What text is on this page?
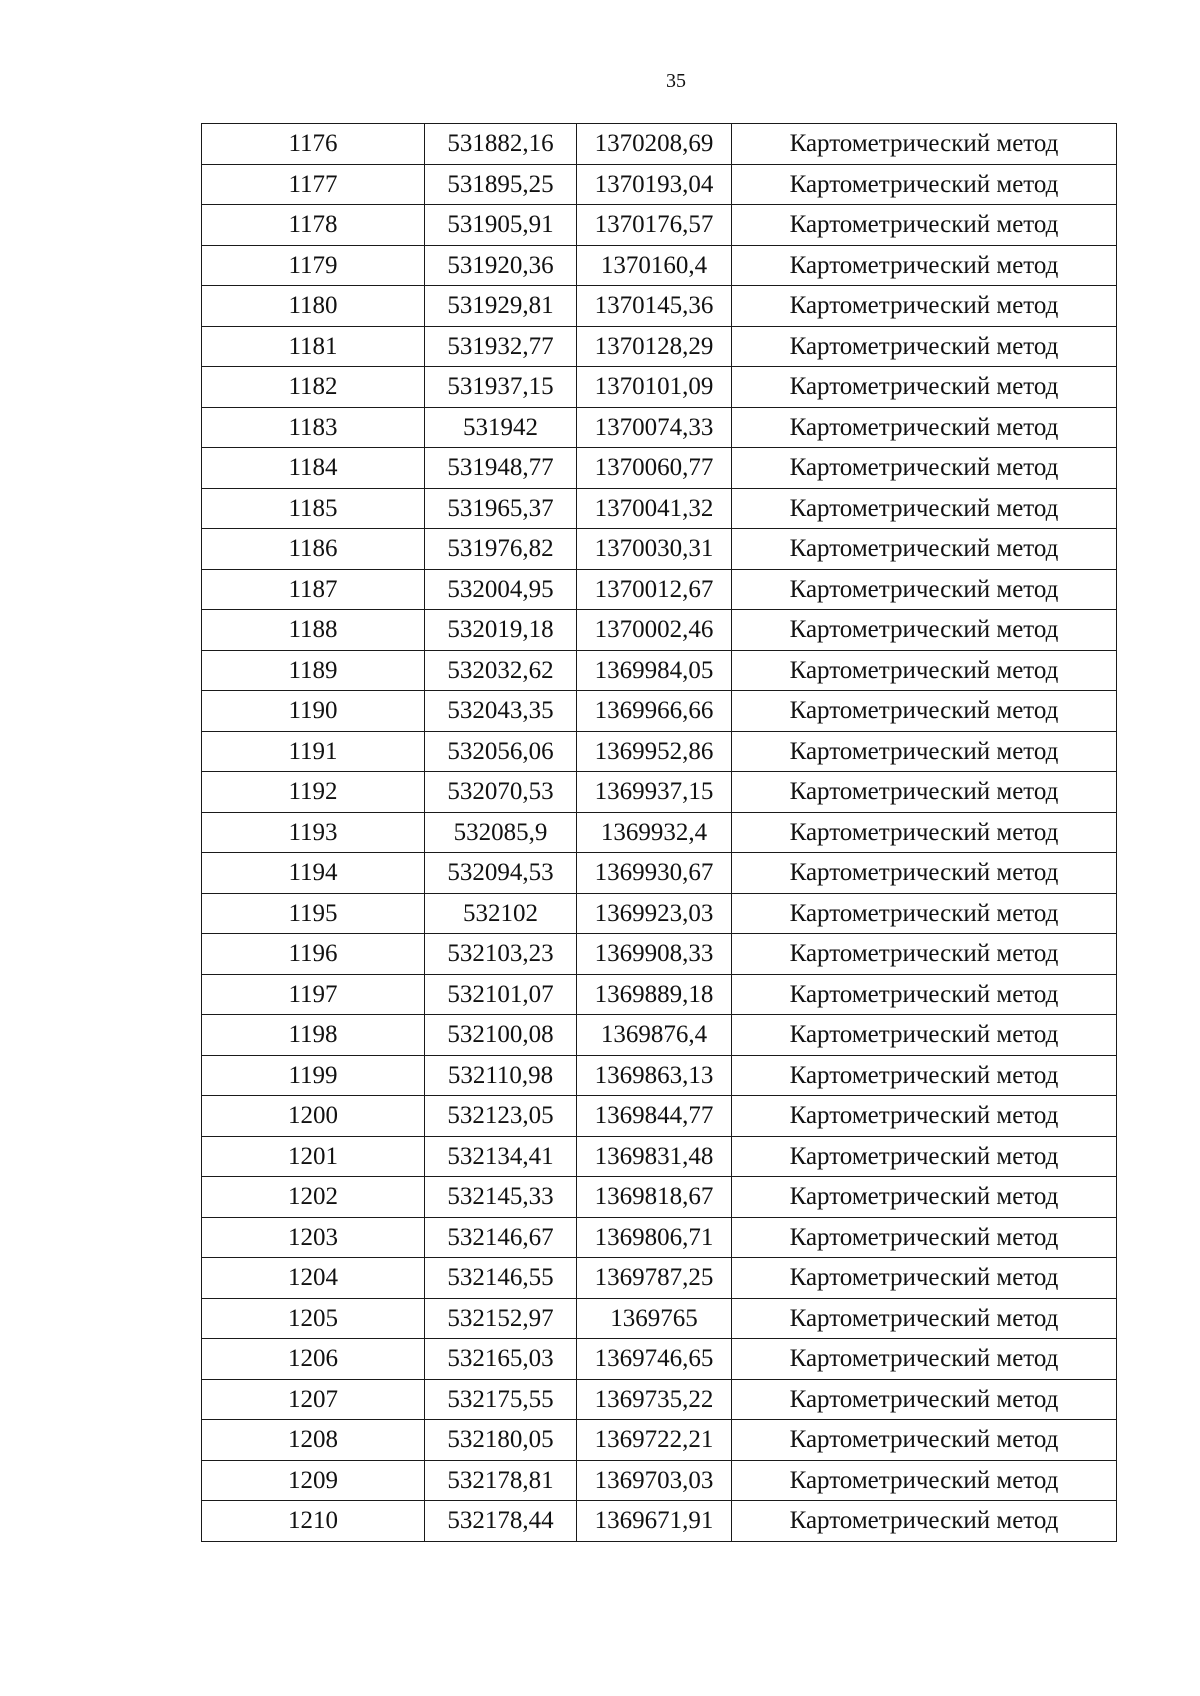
35
1176	531882,16	1370208,69	Картометрический метод
1177	531895,25	1370193,04	Картометрический метод
1178	531905,91	1370176,57	Картометрический метод
1179	531920,36	1370160,4	Картометрический метод
1180	531929,81	1370145,36	Картометрический метод
1181	531932,77	1370128,29	Картометрический метод
1182	531937,15	1370101,09	Картометрический метод
1183	531942	1370074,33	Картометрический метод
1184	531948,77	1370060,77	Картометрический метод
1185	531965,37	1370041,32	Картометрический метод
1186	531976,82	1370030,31	Картометрический метод
1187	532004,95	1370012,67	Картометрический метод
1188	532019,18	1370002,46	Картометрический метод
1189	532032,62	1369984,05	Картометрический метод
1190	532043,35	1369966,66	Картометрический метод
1191	532056,06	1369952,86	Картометрический метод
1192	532070,53	1369937,15	Картометрический метод
1193	532085,9	1369932,4	Картометрический метод
1194	532094,53	1369930,67	Картометрический метод
1195	532102	1369923,03	Картометрический метод
1196	532103,23	1369908,33	Картометрический метод
1197	532101,07	1369889,18	Картометрический метод
1198	532100,08	1369876,4	Картометрический метод
1199	532110,98	1369863,13	Картометрический метод
1200	532123,05	1369844,77	Картометрический метод
1201	532134,41	1369831,48	Картометрический метод
1202	532145,33	1369818,67	Картометрический метод
1203	532146,67	1369806,71	Картометрический метод
1204	532146,55	1369787,25	Картометрический метод
1205	532152,97	1369765	Картометрический метод
1206	532165,03	1369746,65	Картометрический метод
1207	532175,55	1369735,22	Картометрический метод
1208	532180,05	1369722,21	Картометрический метод
1209	532178,81	1369703,03	Картометрический метод
1210	532178,44	1369671,91	Картометрический метод
